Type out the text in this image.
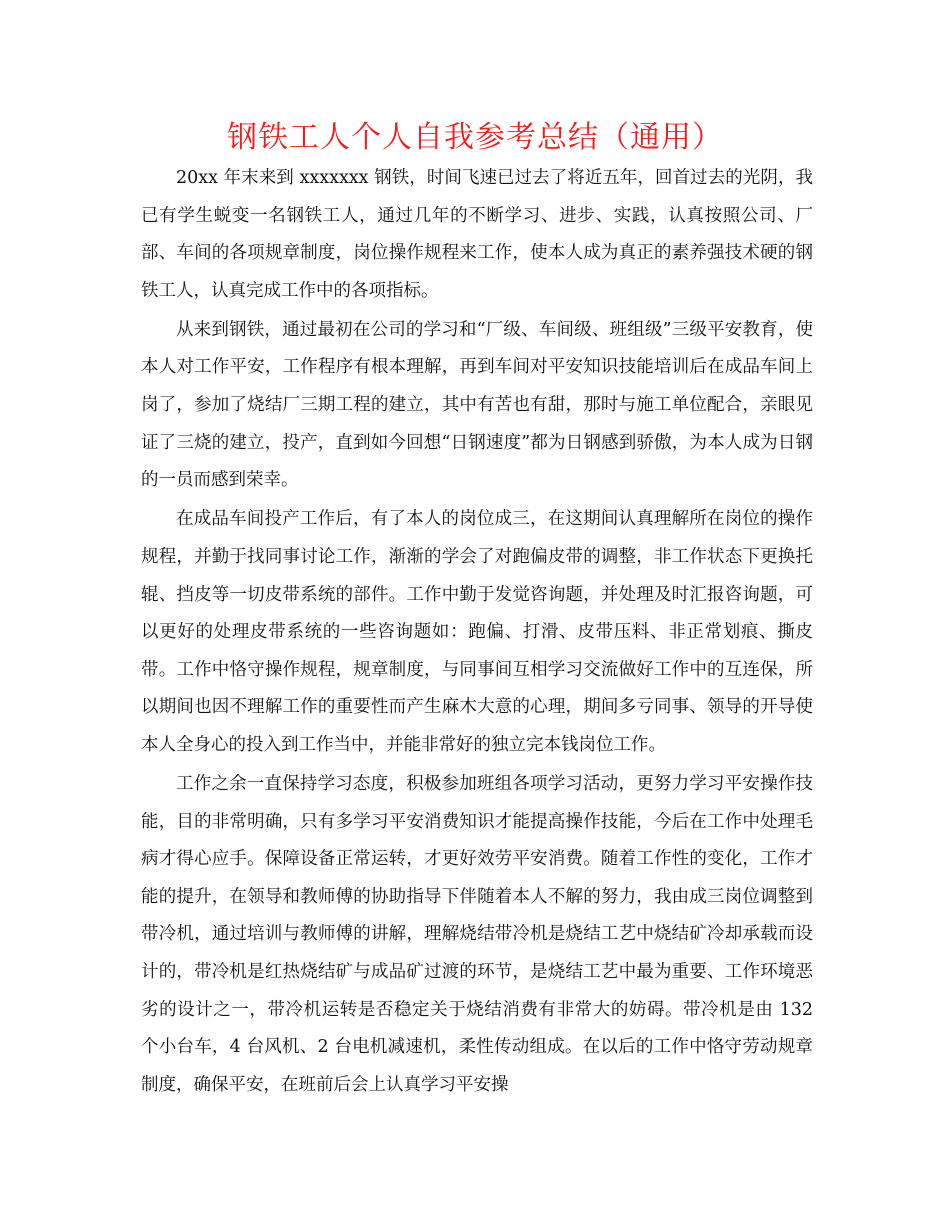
钢铁工人个人自我参考总结（通用）

20xx 年末来到 xxxxxxx 钢铁，时间飞速已过去了将近五年，回首过去的光阴，我已有学生蜕变一名钢铁工人，通过几年的不断学习、进步、实践，认真按照公司、厂部、车间的各项规章制度，岗位操作规程来工作，使本人成为真正的素养强技术硬的钢铁工人，认真完成工作中的各项指标。

从来到钢铁，通过最初在公司的学习和“厂级、车间级、班组级”三级平安教育，使本人对工作平安，工作程序有根本理解，再到车间对平安知识技能培训后在成品车间上岗了，参加了烧结厂三期工程的建立，其中有苦也有甜，那时与施工单位配合，亲眼见证了三烧的建立，投产，直到如今回想“日钢速度”都为日钢感到骄傲，为本人成为日钢的一员而感到荣幸。

在成品车间投产工作后，有了本人的岗位成三，在这期间认真理解所在岗位的操作规程，并勤于找同事讨论工作，渐渐的学会了对跑偏皮带的调整，非工作状态下更换托辊、挡皮等一切皮带系统的部件。工作中勤于发觉咨询题，并处理及时汇报咨询题，可以更好的处理皮带系统的一些咨询题如：跑偏、打滑、皮带压料、非正常划痕、撕皮带。工作中恪守操作规程，规章制度，与同事间互相学习交流做好工作中的互连保，所以期间也因不理解工作的重要性而产生麻木大意的心理，期间多亏同事、领导的开导使本人全身心的投入到工作当中，并能非常好的独立完本钱岗位工作。

工作之余一直保持学习态度，积极参加班组各项学习活动，更努力学习平安操作技能，目的非常明确，只有多学习平安消费知识才能提高操作技能，今后在工作中处理毛病才得心应手。保障设备正常运转，才更好效劳平安消费。随着工作性的变化，工作才能的提升，在领导和教师傅的协助指导下伴随着本人不解的努力，我由成三岗位调整到带冷机，通过培训与教师傅的讲解，理解烧结带冷机是烧结工艺中烧结矿冷却承载而设计的，带冷机是红热烧结矿与成品矿过渡的环节，是烧结工艺中最为重要、工作环境恶劣的设计之一，带冷机运转是否稳定关于烧结消费有非常大的妨碍。带冷机是由 132 个小台车，4 台风机、2 台电机减速机，柔性传动组成。在以后的工作中恪守劳动规章制度，确保平安，在班前后会上认真学习平安操
